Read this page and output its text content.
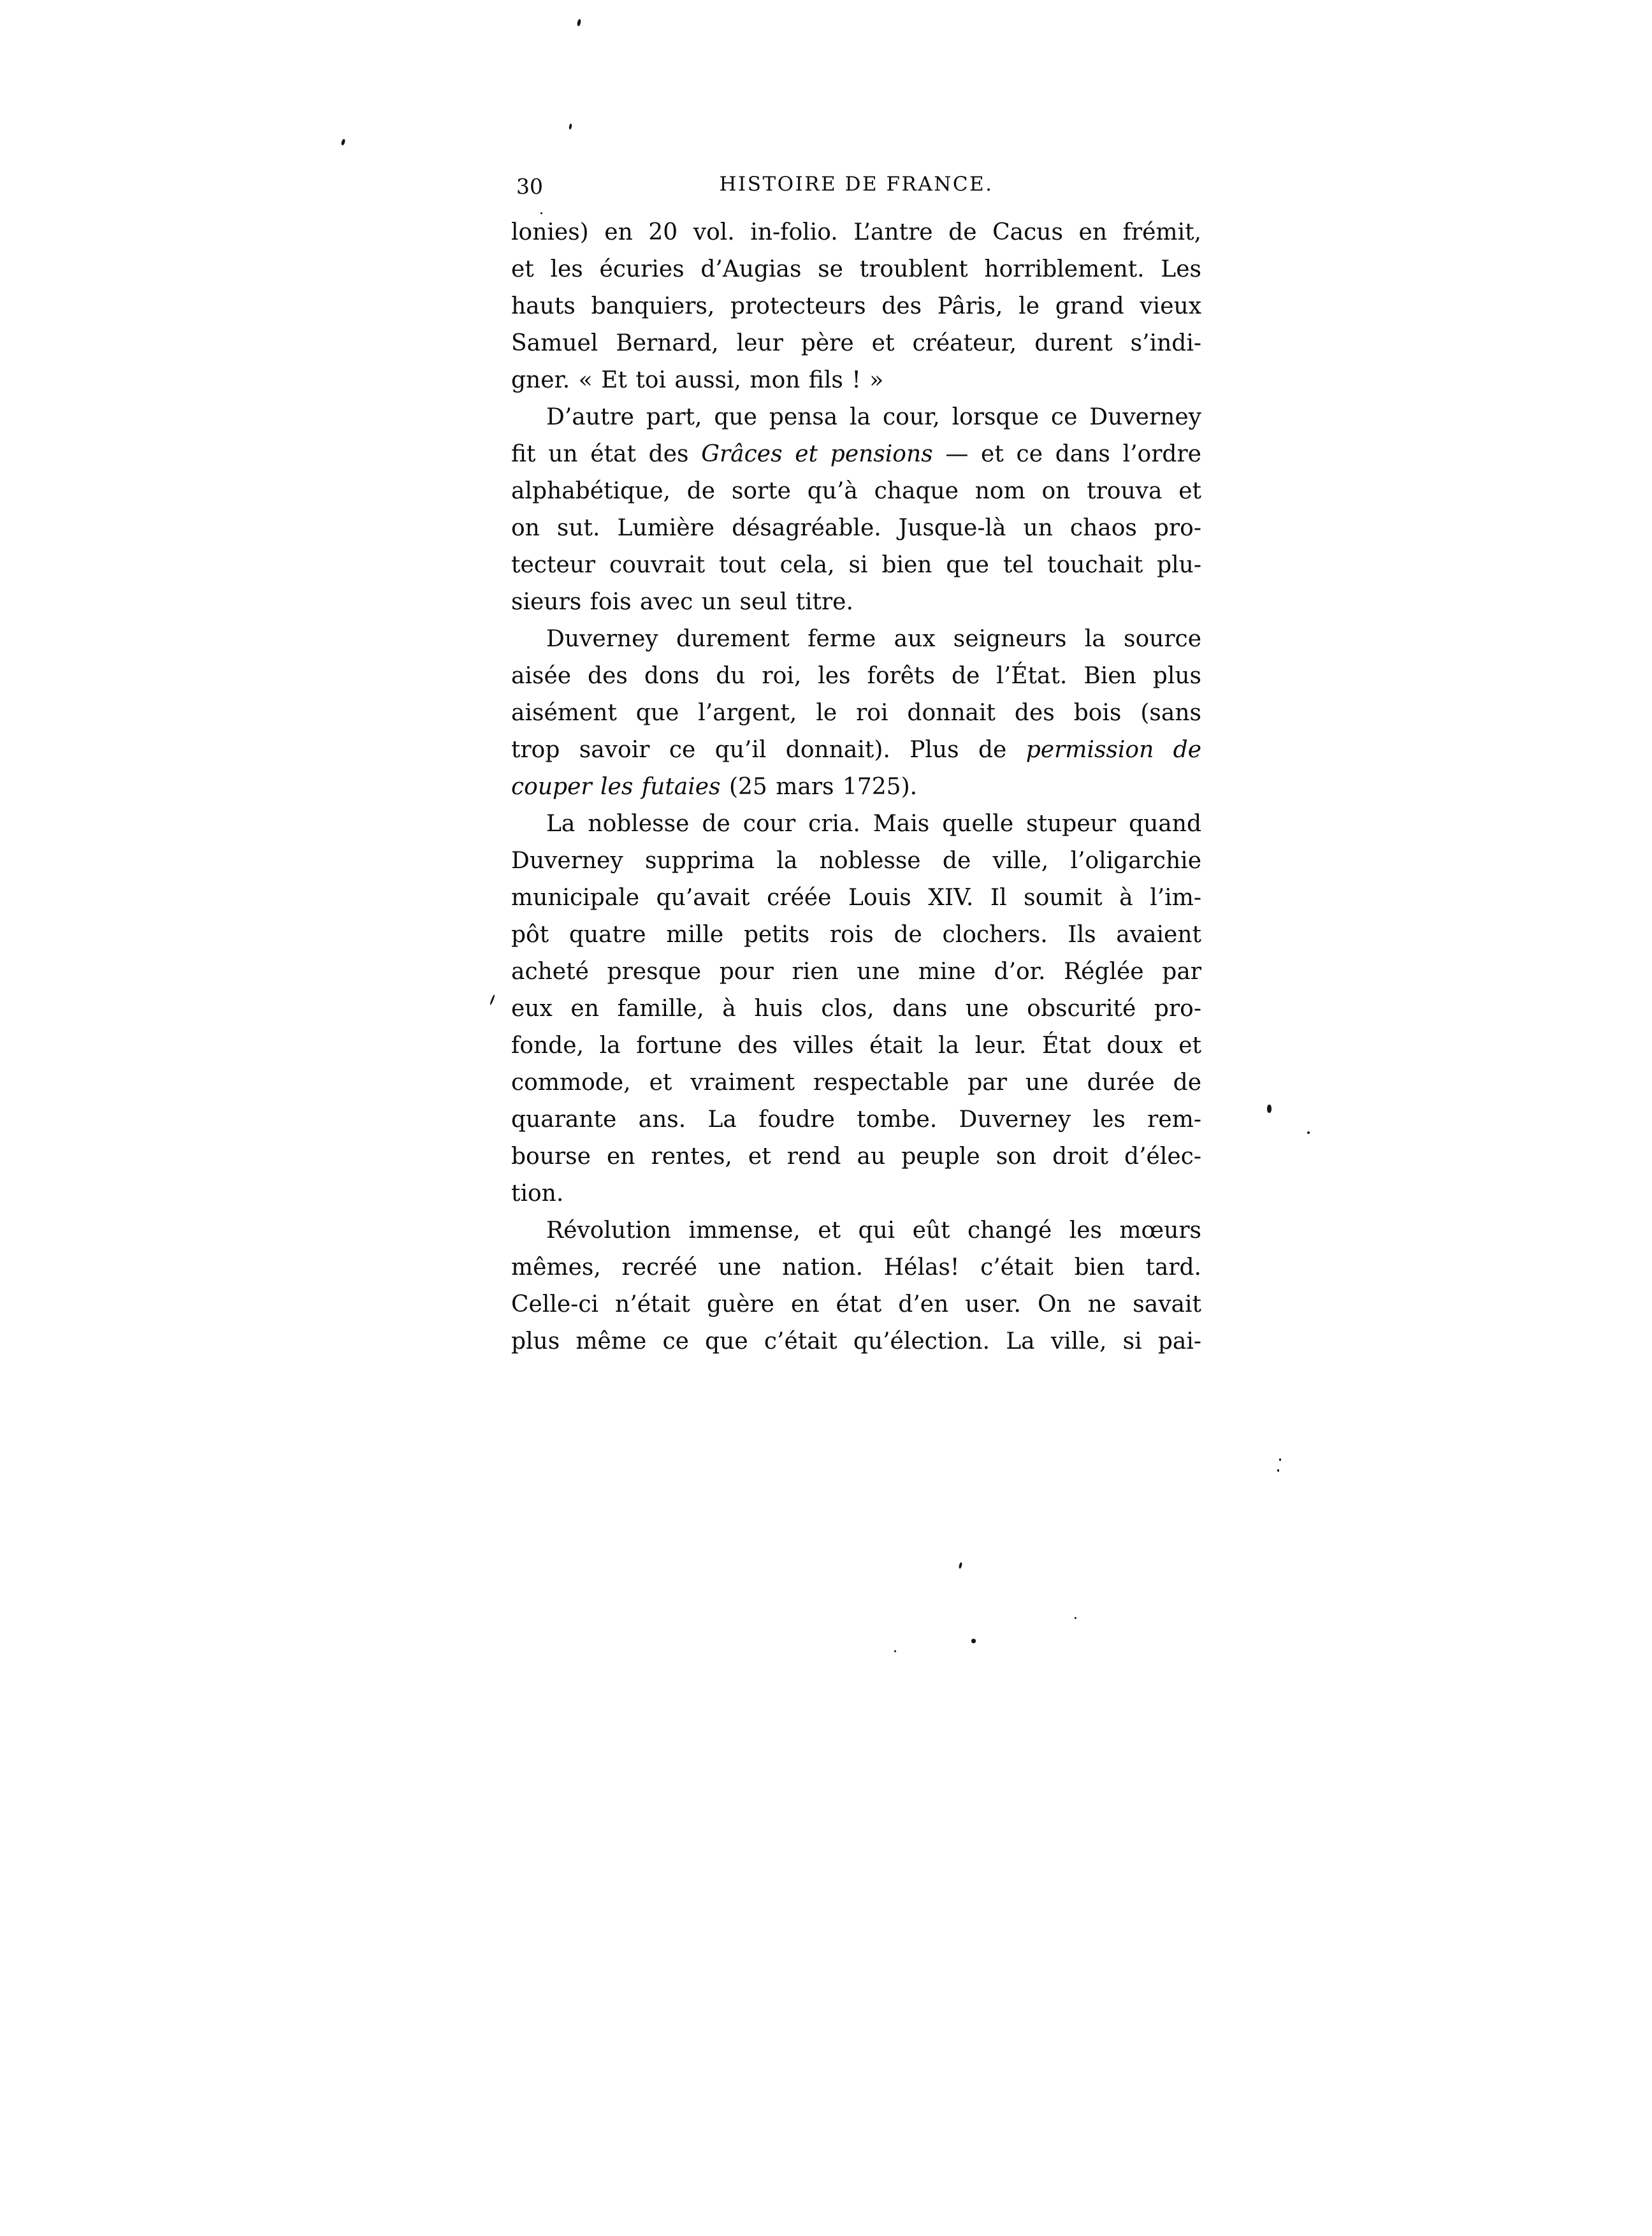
30	HISTOIRE DE FRANCE.

lonies) en 20 vol. in-folio. L’antre de Cacus en frémit,
et les écuries d’Augias se troublent horriblement. Les
hauts banquiers, protecteurs des Pâris, le grand vieux
Samuel Bernard, leur père et créateur, durent s’indi-
gner. « Et toi aussi, mon fils ! »

D’autre part, que pensa la cour, lorsque ce Duverney
fit un état des Grâces et pensions — et ce dans l’ordre
alphabétique, de sorte qu’à chaque nom on trouva et
on sut. Lumière désagréable. Jusque-là un chaos pro-
tecteur couvrait tout cela, si bien que tel touchait plu-
sieurs fois avec un seul titre.

Duverney durement ferme aux seigneurs la source
aisée des dons du roi, les forêts de l’État. Bien plus
aisément que l’argent, le roi donnait des bois (sans
trop savoir ce qu’il donnait). Plus de permission de
couper les futaies (25 mars 1725).

La noblesse de cour cria. Mais quelle stupeur quand
Duverney supprima la noblesse de ville, l’oligarchie
municipale qu’avait créée Louis XIV. Il soumit à l’im-
pôt quatre mille petits rois de clochers. Ils avaient
acheté presque pour rien une mine d’or. Réglée par
eux en famille, à huis clos, dans une obscurité pro-
fonde, la fortune des villes était la leur. État doux et
commode, et vraiment respectable par une durée de
quarante ans. La foudre tombe. Duverney les rem-
bourse en rentes, et rend au peuple son droit d’élec-
tion.

Révolution immense, et qui eût changé les mœurs
mêmes, recréé une nation. Hélas! c’était bien tard.
Celle-ci n’était guère en état d’en user. On ne savait
plus même ce que c’était qu’élection. La ville, si pai-
